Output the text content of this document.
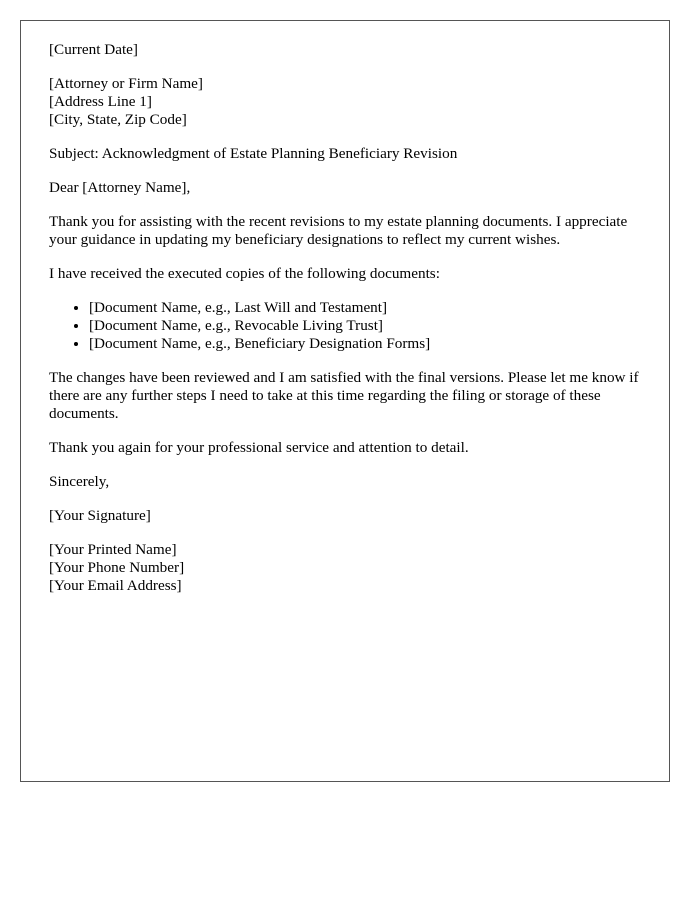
[Current Date]

[Attorney or Firm Name]
[Address Line 1]
[City, State, Zip Code]

Subject: Acknowledgment of Estate Planning Beneficiary Revision

Dear [Attorney Name],

Thank you for assisting with the recent revisions to my estate planning documents. I appreciate your guidance in updating my beneficiary designations to reflect my current wishes.

I have received the executed copies of the following documents:

• [Document Name, e.g., Last Will and Testament]
• [Document Name, e.g., Revocable Living Trust]
• [Document Name, e.g., Beneficiary Designation Forms]

The changes have been reviewed and I am satisfied with the final versions. Please let me know if there are any further steps I need to take at this time regarding the filing or storage of these documents.

Thank you again for your professional service and attention to detail.

Sincerely,

[Your Signature]

[Your Printed Name]
[Your Phone Number]
[Your Email Address]
